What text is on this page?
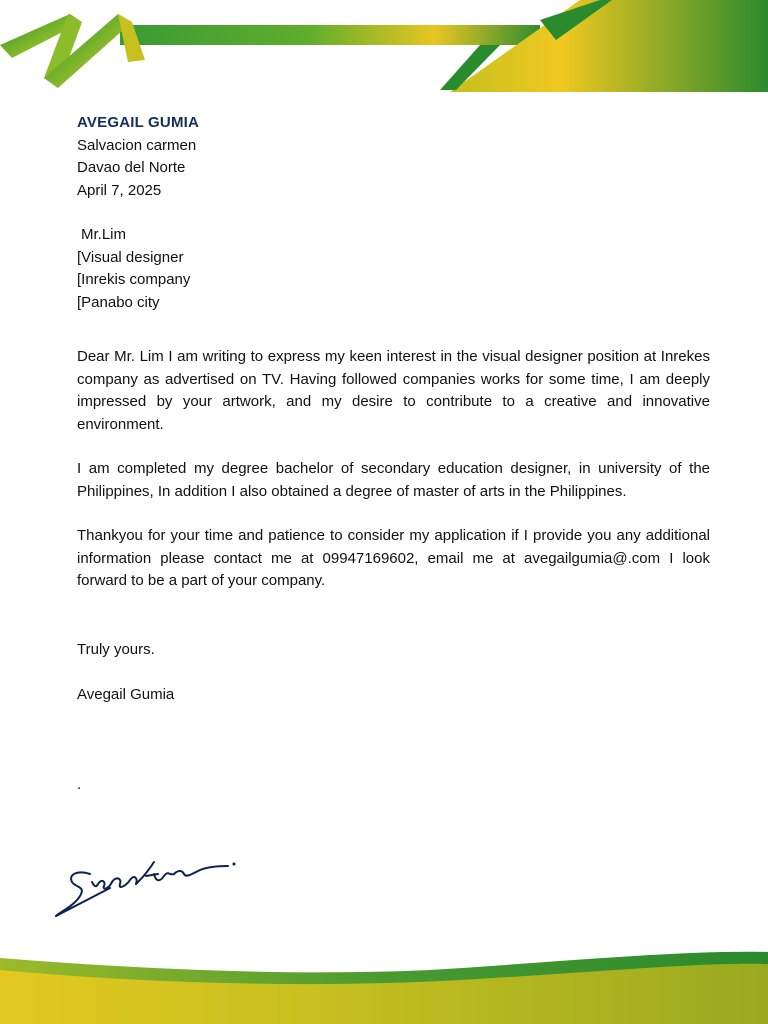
AVEGAIL GUMIA
Salvacion carmen
Davao del Norte
April 7, 2025
Mr.Lim
[Visual designer
[Inrekis company
[Panabo city

Dear Mr. Lim I am writing to express my keen interest in the visual designer position at Inrekes company as advertised on TV. Having followed companies works for some time, I am deeply impressed by your artwork, and my desire to contribute to a creative and innovative environment.

I am completed my degree bachelor of secondary education designer, in university of the Philippines, In addition I also obtained a degree of master of arts in the Philippines.

Thankyou for your time and patience to consider my application if I provide you any additional information please contact me at 09947169602, email me at avegailgumia@.com I look forward to be a part of your company.

Truly yours.
Avegail Gumia
.
